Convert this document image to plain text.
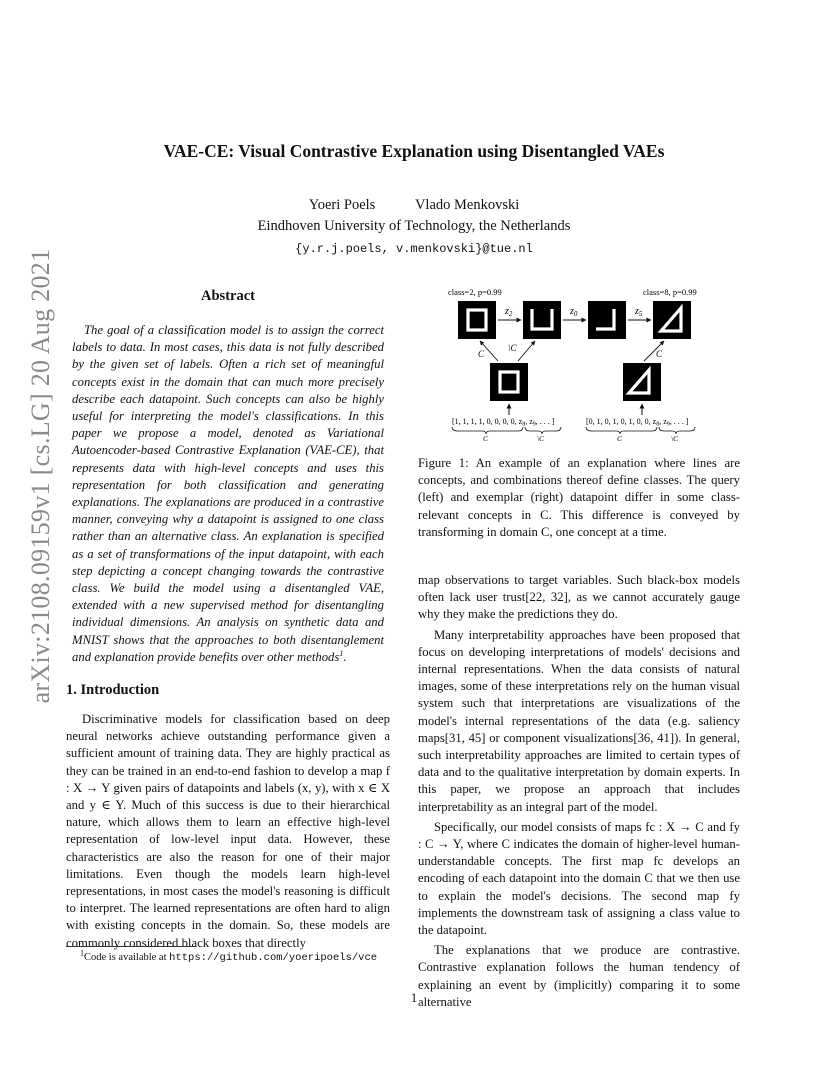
arXiv:2108.09159v1 [cs.LG] 20 Aug 2021
VAE-CE: Visual Contrastive Explanation using Disentangled VAEs
Yoeri Poels	Vlado Menkovski
Eindhoven University of Technology, the Netherlands
{y.r.j.poels, v.menkovski}@tue.nl
Abstract
The goal of a classification model is to assign the correct labels to data. In most cases, this data is not fully described by the given set of labels. Often a rich set of meaningful concepts exist in the domain that can much more precisely describe each datapoint. Such concepts can also be highly useful for interpreting the model's classifications. In this paper we propose a model, denoted as Variational Autoencoder-based Contrastive Explanation (VAE-CE), that represents data with high-level concepts and uses this representation for both classification and generating explanations. The explanations are produced in a contrastive manner, conveying why a datapoint is assigned to one class rather than an alternative class. An explanation is specified as a set of transformations of the input datapoint, with each step depicting a concept changing towards the contrastive class. We build the model using a disentangled VAE, extended with a new supervised method for disentangling individual dimensions. An analysis on synthetic data and MNIST shows that the approaches to both disentanglement and explanation provide benefits over other methods$^1$.
1. Introduction
Discriminative models for classification based on deep neural networks achieve outstanding performance given a sufficient amount of training data. They are highly practical as they can be trained in an end-to-end fashion to develop a map f : X → Y given pairs of datapoints and labels (x, y), with x ∈ X and y ∈ Y. Much of this success is due to their hierarchical nature, which allows them to learn an effective high-level representation of low-level input data. However, these characteristics are also the reason for one of their major limitations. Even though the models learn high-level representations, in most cases the model's reasoning is difficult to interpret. The learned representations are often hard to align with existing concepts in the domain. So, these models are commonly considered black boxes that directly
$^1$Code is available at https://github.com/yoeripoels/vce
class=2, p=0.99	class=8, p=0.99
$z_2$	$z_0$	$z_5$
C
\C
C
[1, 1, 1, 1, 0, 0, 0, 0, z8, z9, . . . ]	[0, 1, 0, 1, 0, 1, 0, 0, z8, z9, . . . ]
C	\C	C	\C
Figure 1: An example of an explanation where lines are concepts, and combinations thereof define classes. The query (left) and exemplar (right) datapoint differ in some class-relevant concepts in C. This difference is conveyed by transforming in domain C, one concept at a time.

map observations to target variables. Such black-box models often lack user trust[22, 32], as we cannot accurately gauge why they make the predictions they do.

Many interpretability approaches have been proposed that focus on developing interpretations of models' decisions and internal representations. When the data consists of natural images, some of these interpretations rely on the human visual system such that interpretations are visualizations of the model's internal representations of the data (e.g. saliency maps[31, 45] or component visualizations[36, 41]). In general, such interpretability approaches are limited to certain types of data and to the qualitative interpretation by domain experts. In this paper, we propose an approach that includes interpretability as an integral part of the model.

Specifically, our model consists of maps fc : X → C and fy : C → Y, where C indicates the domain of higher-level human-understandable concepts. The first map fc develops an encoding of each datapoint into the domain C that we then use to explain the model's decisions. The second map fy implements the downstream task of assigning a class value to the datapoint.

The explanations that we produce are contrastive. Contrastive explanation follows the human tendency of explaining an event by (implicitly) comparing it to some alternative

1
